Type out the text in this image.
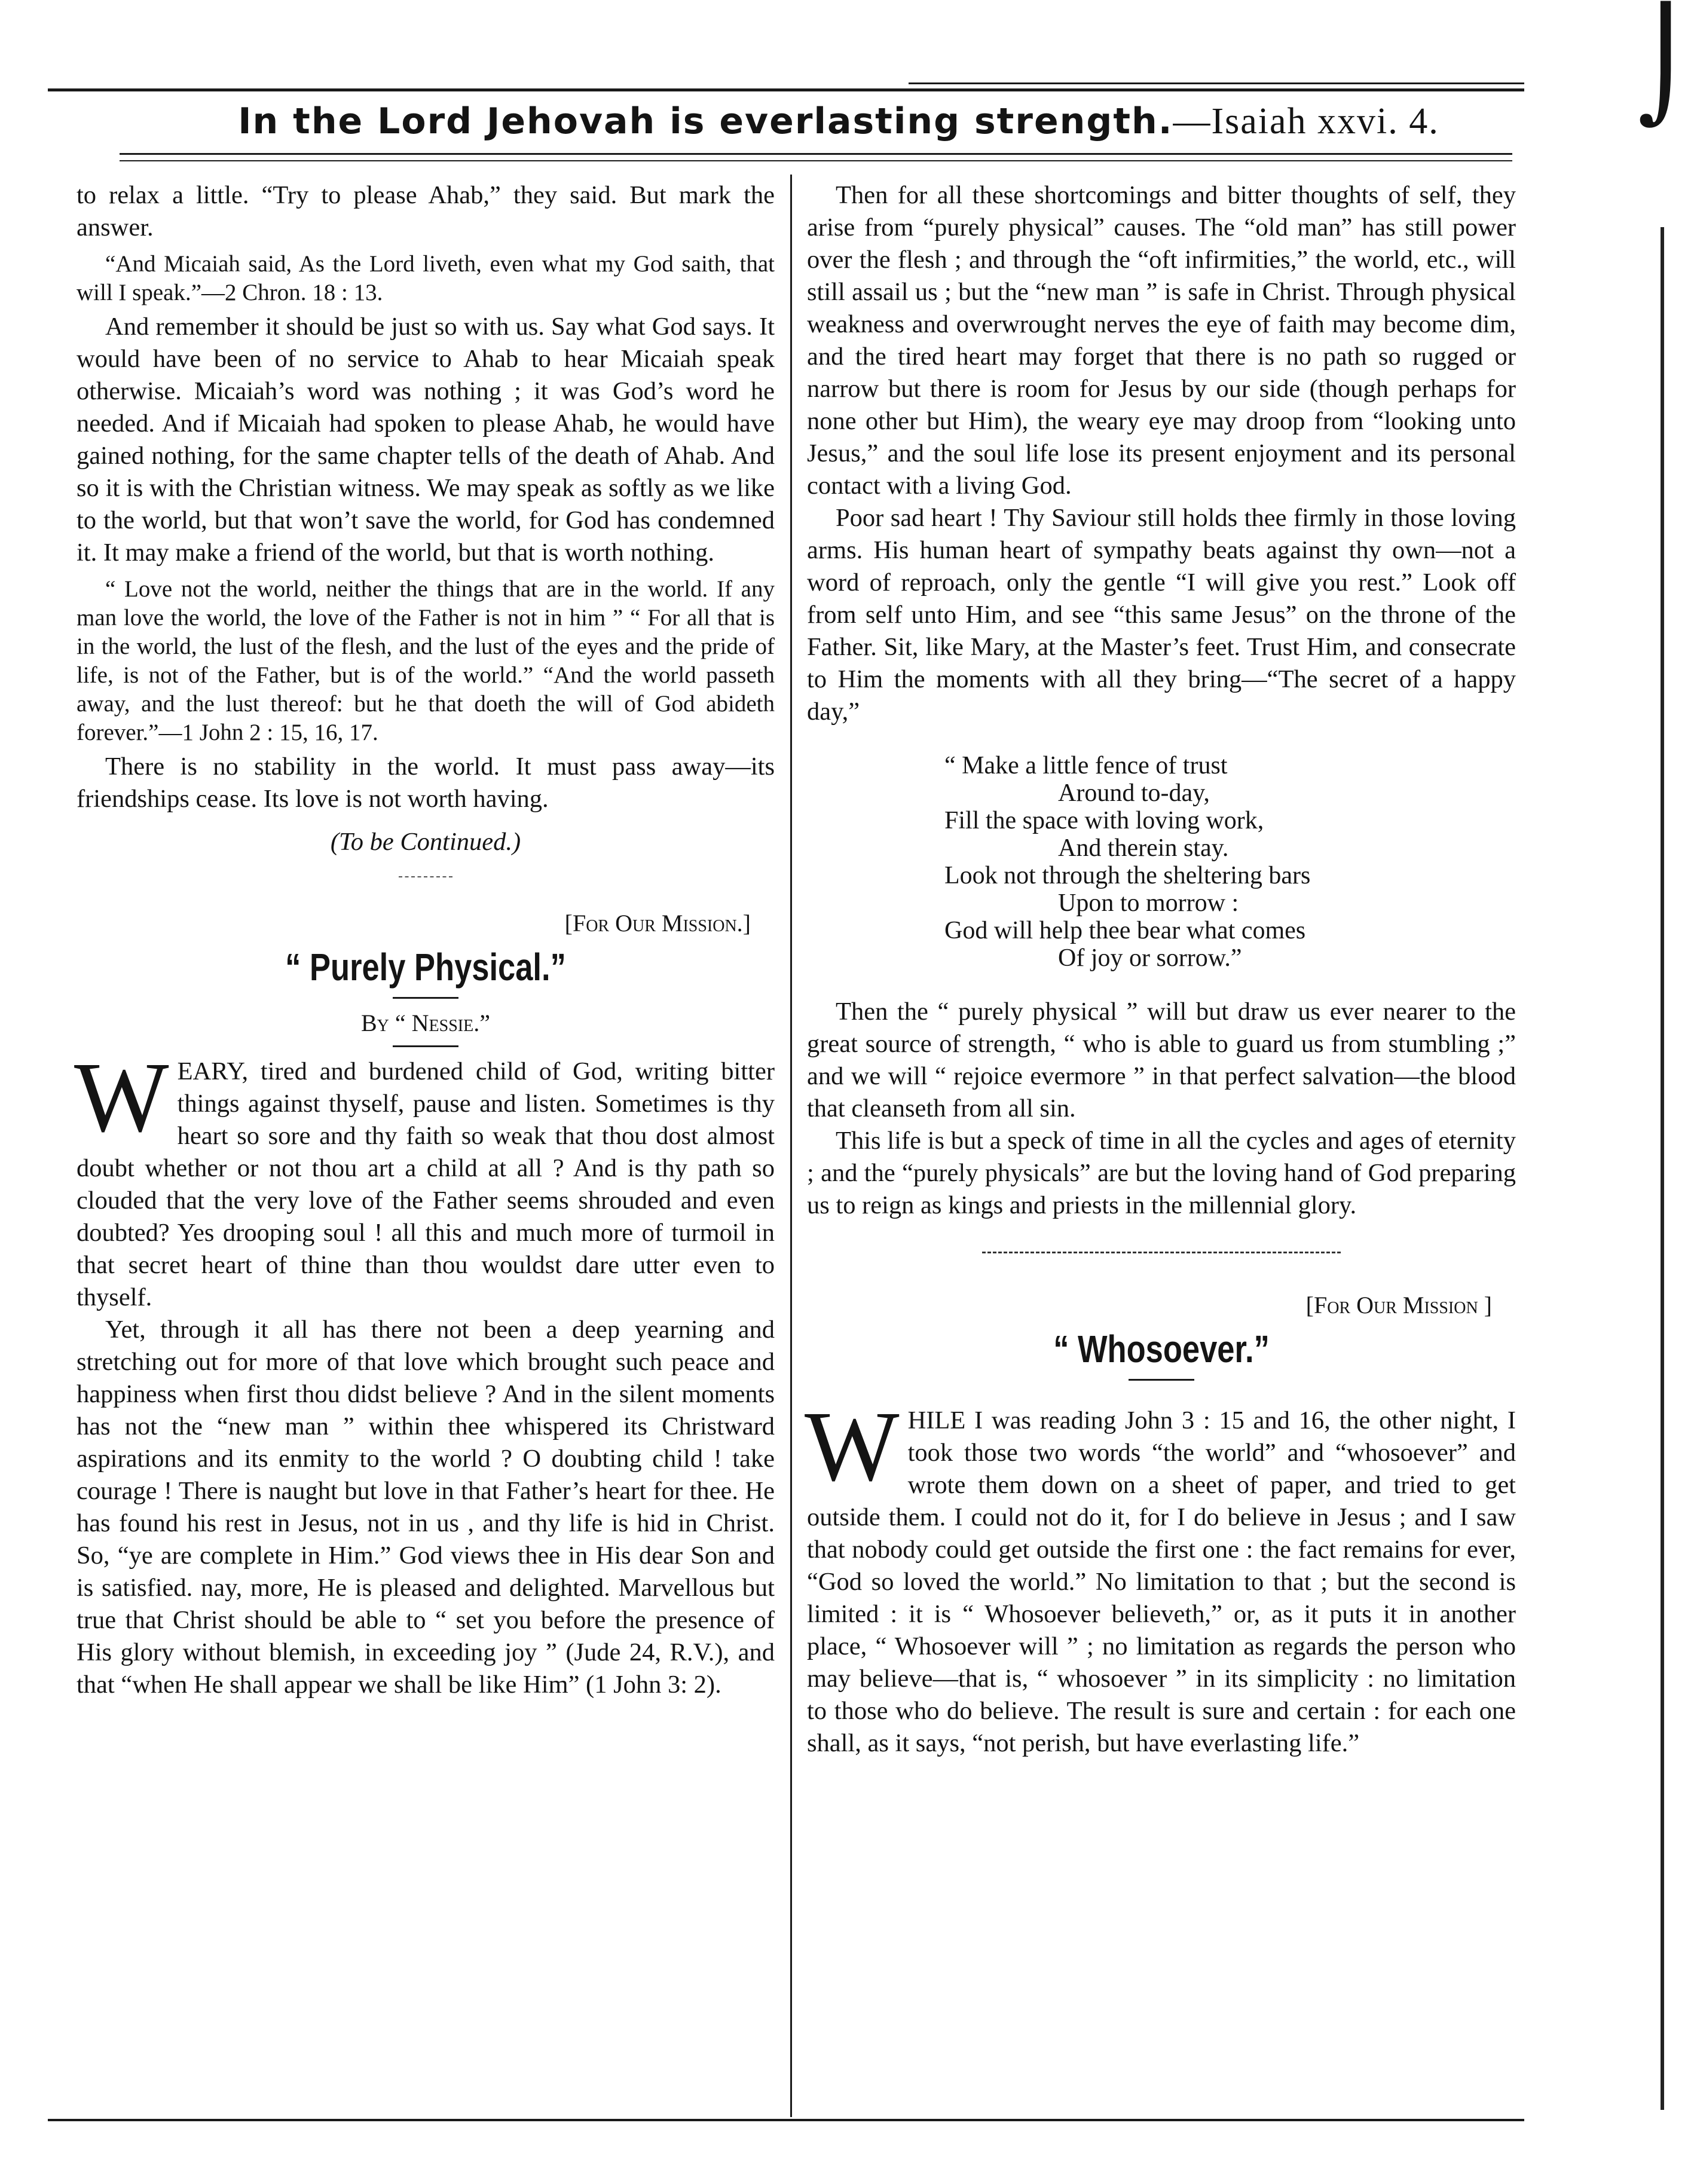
⌡
In the Lord Jehovah is everlasting strength.—Isaiah xxvi. 4.

to relax a little. “Try to please Ahab,” they said. But mark the answer.

“And Micaiah said, As the Lord liveth, even what my God saith, that will I speak.”—2 Chron. 18 : 13.

And remember it should be just so with us. Say what God says. It would have been of no service to Ahab to hear Micaiah speak otherwise. Micaiah’s word was nothing ; it was God’s word he needed. And if Micaiah had spoken to please Ahab, he would have gained nothing, for the same chapter tells of the death of Ahab. And so it is with the Christian witness. We may speak as softly as we like to the world, but that won’t save the world, for God has condemned it. It may make a friend of the world, but that is worth nothing.

“ Love not the world, neither the things that are in the world. If any man love the world, the love of the Father is not in him ” “ For all that is in the world, the lust of the flesh, and the lust of the eyes and the pride of life, is not of the Father, but is of the world.” “And the world passeth away, and the lust thereof: but he that doeth the will of God abideth forever.”—1 John 2 : 15, 16, 17.

There is no stability in the world. It must pass away—its friendships cease. Its love is not worth having.

(To be Continued.)
[For Our Mission.]
“ Purely Physical.”
By “ Nessie.”

W EARY, tired and burdened child of God, writing bitter things against thyself, pause and listen. Sometimes is thy heart so sore and thy faith so weak that thou dost almost doubt whether or not thou art a child at all ? And is thy path so clouded that the very love of the Father seems shrouded and even doubted? Yes drooping soul ! all this and much more of turmoil in that secret heart of thine than thou wouldst dare utter even to thyself.

Yet, through it all has there not been a deep yearning and stretching out for more of that love which brought such peace and happiness when first thou didst believe ? And in the silent moments has not the “new man ” within thee whispered its Christward aspirations and its enmity to the world ? O doubting child ! take courage ! There is naught but love in that Father’s heart for thee. He has found his rest in Jesus, not in us , and thy life is hid in Christ. So, “ye are complete in Him.” God views thee in His dear Son and is satisfied. nay, more, He is pleased and delighted. Marvellous but true that Christ should be able to “ set you before the presence of His glory without blemish, in exceeding joy ” (Jude 24, R.V.), and that “when He shall appear we shall be like Him” (1 John 3: 2).

Then for all these shortcomings and bitter thoughts of self, they arise from “purely physical” causes. The “old man” has still power over the flesh ; and through the “oft infirmities,” the world, etc., will still assail us ; but the “new man ” is safe in Christ. Through physical weakness and overwrought nerves the eye of faith may become dim, and the tired heart may forget that there is no path so rugged or narrow but there is room for Jesus by our side (though perhaps for none other but Him), the weary eye may droop from “looking unto Jesus,” and the soul life lose its present enjoyment and its personal contact with a living God.

Poor sad heart ! Thy Saviour still holds thee firmly in those loving arms. His human heart of sympathy beats against thy own—not a word of reproach, only the gentle “I will give you rest.” Look off from self unto Him, and see “this same Jesus” on the throne of the Father. Sit, like Mary, at the Master’s feet. Trust Him, and consecrate to Him the moments with all they bring—“The secret of a happy day,”

“ Make a little fence of trust
Around to-day,
Fill the space with loving work,
And therein stay.
Look not through the sheltering bars
Upon to morrow :
God will help thee bear what comes
Of joy or sorrow.”

Then the “ purely physical ” will but draw us ever nearer to the great source of strength, “ who is able to guard us from stumbling ;” and we will “ rejoice evermore ” in that perfect salvation—the blood that cleanseth from all sin.

This life is but a speck of time in all the cycles and ages of eternity ; and the “purely physicals” are but the loving hand of God preparing us to reign as kings and priests in the millennial glory.

[For Our Mission ]
“ Whosoever.”

W HILE I was reading John 3 : 15 and 16, the other night, I took those two words “the world” and “whosoever” and wrote them down on a sheet of paper, and tried to get outside them. I could not do it, for I do believe in Jesus ; and I saw that nobody could get outside the first one : the fact remains for ever, “God so loved the world.” No limitation to that ; but the second is limited : it is “ Whosoever believeth,” or, as it puts it in another place, “ Whosoever will ” ; no limitation as regards the person who may believe—that is, “ whosoever ” in its simplicity : no limitation to those who do believe. The result is sure and certain : for each one shall, as it says, “not perish, but have everlasting life.”
